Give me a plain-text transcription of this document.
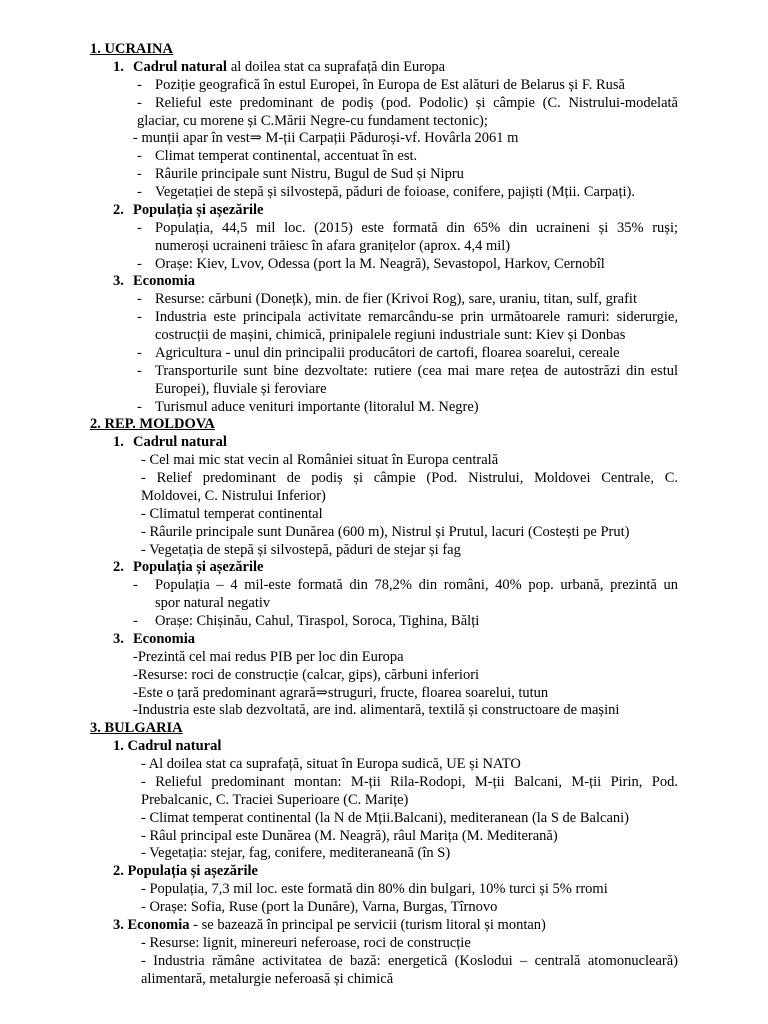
1. UCRAINA
1. Cadrul natural al doilea stat ca suprafață din Europa
- Poziție geografică în estul Europei, în Europa de Est alături de Belarus și F. Rusă
- Relieful este predominant de podiș (pod. Podolic) și câmpie (C. Nistrului-modelată
glaciar, cu morene și C.Mării Negre-cu fundament tectonic);
- munții apar în vest⇒ M-ții Carpații Păduroși-vf. Hovârla 2061 m
- Climat temperat continental, accentuat în est.
- Râurile principale sunt Nistru, Bugul de Sud și Nipru
- Vegetației de stepă și silvostepă, păduri de foioase, conifere, pajiști (Mții. Carpați).
2. Populația și așezările
- Populația, 44,5 mil loc. (2015) este formată din 65% din ucraineni și 35% ruși;
numeroși ucraineni trăiesc în afara granițelor (aprox. 4,4 mil)
- Orașe: Kiev, Lvov, Odessa (port la M. Neagră), Sevastopol, Harkov, Cernobîl
3. Economia
- Resurse: cărbuni (Donețk), min. de fier (Krivoi Rog), sare, uraniu, titan, sulf, grafit
- Industria este principala activitate remarcându-se prin următoarele ramuri: siderurgie,
costrucții de mașini, chimică, prinipalele regiuni industriale sunt: Kiev și Donbas
- Agricultura - unul din principalii producători de cartofi, floarea soarelui, cereale
- Transporturile sunt bine dezvoltate: rutiere (cea mai mare rețea de autostrăzi din estul
Europei), fluviale și feroviare
- Turismul aduce venituri importante (litoralul M. Negre)
2. REP. MOLDOVA
1. Cadrul natural
- Cel mai mic stat vecin al României situat în Europa centrală
- Relief predominant de podiș și câmpie (Pod. Nistrului, Moldovei Centrale, C.
Moldovei, C. Nistrului Inferior)
- Climatul temperat continental
- Râurile principale sunt Dunărea (600 m), Nistrul și Prutul, lacuri (Costești pe Prut)
- Vegetația de stepă și silvostepă, păduri de stejar și fag
2. Populația și așezările
- Populația – 4 mil-este formată din 78,2% din români, 40% pop. urbană, prezintă un
spor natural negativ
- Orașe: Chișinău, Cahul, Tiraspol, Soroca, Tighina, Bălți
3. Economia
-Prezintă cel mai redus PIB per loc din Europa
-Resurse: roci de construcție (calcar, gips), cărbuni inferiori
-Este o țară predominant agrară⇒struguri, fructe, floarea soarelui, tutun
-Industria este slab dezvoltată, are ind. alimentară, textilă și constructoare de mașini
3. BULGARIA
1. Cadrul natural
- Al doilea stat ca suprafață, situat în Europa sudică, UE și NATO
- Relieful predominant montan: M-ții Rila-Rodopi, M-ții Balcani, M-ții Pirin, Pod.
Prebalcanic, C. Traciei Superioare (C. Marițe)
- Climat temperat continental (la N de Mții.Balcani), mediteranean (la S de Balcani)
- Râul principal este Dunărea (M. Neagră), râul Marița (M. Mediterană)
- Vegetația: stejar, fag, conifere, mediteraneană (în S)
2. Populația și așezările
- Populația, 7,3 mil loc. este formată din 80% din bulgari, 10% turci și 5% rromi
- Orașe: Sofia, Ruse (port la Dunăre), Varna, Burgas, Tîrnovo
3. Economia - se bazează în principal pe servicii (turism litoral și montan)
- Resurse: lignit, minereuri neferoase, roci de construcție
- Industria rămâne activitatea de bază: energetică (Koslodui – centrală atomonucleară)
alimentară, metalurgie neferoasă și chimică
